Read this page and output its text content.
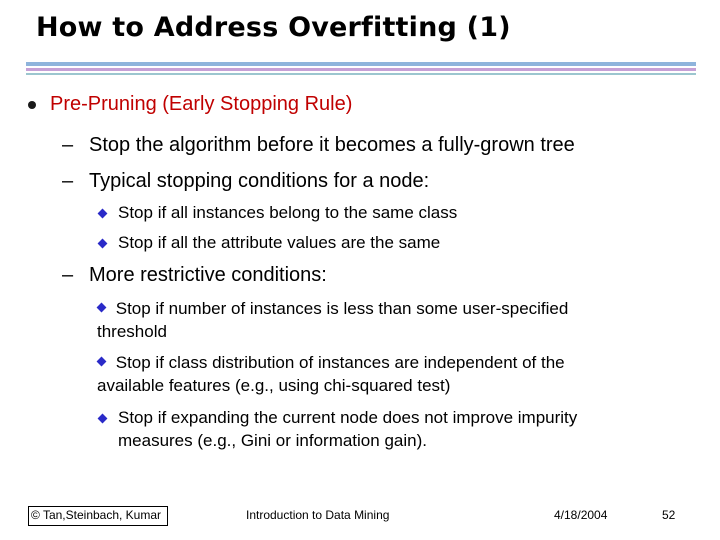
How to Address Overfitting (1)
Pre-Pruning (Early Stopping Rule)
– Stop the algorithm before it becomes a fully-grown tree
– Typical stopping conditions for a node:
Stop if all instances belong to the same class
Stop if all the attribute values are the same
– More restrictive conditions:
Stop if number of instances is less than some user-specified
threshold
Stop if class distribution of instances are independent of the
available features (e.g., using chi-squared test)
Stop if expanding the current node does not improve impurity
measures (e.g., Gini or information gain).
© Tan,Steinbach, Kumar	Introduction to Data Mining	4/18/2004	52
